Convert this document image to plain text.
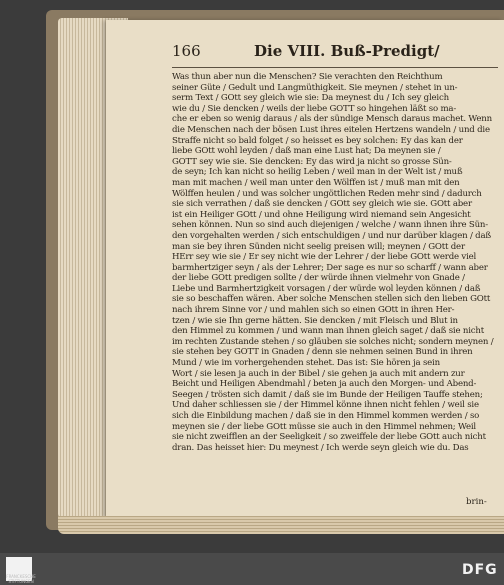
166	Die VIII. Buß-Predigt/
Was thun aber nun die Menschen? Sie verachten den Reichthum
seiner Güte / Gedult und Langmüthigkeit. Sie meynen / stehet in un-
serm Text / GOtt sey gleich wie sie: Da meynest du / Ich sey gleich
wie du / Sie dencken / weils der liebe GOTT so hingehen läßt so ma-
che er eben so wenig daraus / als der sündige Mensch daraus machet. Wenn
die Menschen nach der bösen Lust ihres eitelen Hertzens wandeln / und die
Straffe nicht so bald folget / so heisset es bey solchen: Ey das kan der
liebe GOtt wohl leyden / daß man eine Lust hat; Da meynen sie /
GOTT sey wie sie. Sie dencken: Ey das wird ja nicht so grosse Sün-
de seyn; Ich kan nicht so heilig Leben / weil man in der Welt ist / muß
man mit machen / weil man unter den Wölffen ist / muß man mit den
Wölffen heulen / und was solcher ungöttlichen Reden mehr sind / dadurch
sie sich verrathen / daß sie dencken / GOtt sey gleich wie sie. GOtt aber
ist ein Heiliger GOtt / und ohne Heiligung wird niemand sein Angesicht
sehen können. Nun so sind auch diejenigen / welche / wann ihnen ihre Sün-
den vorgehalten werden / sich entschuldigen / und nur darüber klagen / daß
man sie bey ihren Sünden nicht seelig preisen will; meynen / GOtt der
HErr sey wie sie / Er sey nicht wie der Lehrer / der liebe GOtt werde viel
barmhertziger seyn / als der Lehrer; Der sage es nur so scharff / wann aber
der liebe GOtt predigen sollte / der würde ihnen vielmehr von Gnade /
Liebe und Barmhertzigkeit vorsagen / der würde wol leyden können / daß
sie so beschaffen wären. Aber solche Menschen stellen sich den lieben GOtt
nach ihrem Sinne vor / und mahlen sich so einen GOtt in ihren Her-
tzen / wie sie Ihn gerne hätten. Sie dencken / mit Fleisch und Blut in
den Himmel zu kommen / und wann man ihnen gleich saget / daß sie nicht
im rechten Zustande stehen / so gläuben sie solches nicht; sondern meynen /
sie stehen bey GOTT in Gnaden / denn sie nehmen seinen Bund in ihren
Mund / wie im vorhergehenden stehet. Das ist: Sie hören ja sein
Wort / sie lesen ja auch in der Bibel / sie gehen ja auch mit andern zur
Beicht und Heiligen Abendmahl / beten ja auch den Morgen- und Abend-
Seegen / trösten sich damit / daß sie im Bunde der Heiligen Tauffe stehen;
Und daher schliessen sie / der Himmel könne ihnen nicht fehlen / weil sie
sich die Einbildung machen / daß sie in den Himmel kommen werden / so
meynen sie / der liebe GOtt müsse sie auch in den Himmel nehmen; Weil
sie nicht zweifflen an der Seeligkeit / so zweiffele der liebe GOtt auch nicht
dran. Das heisset hier: Du meynest / Ich werde seyn gleich wie du. Das
brin-
FRANCKESCHE STIFTUNGEN
DFG
